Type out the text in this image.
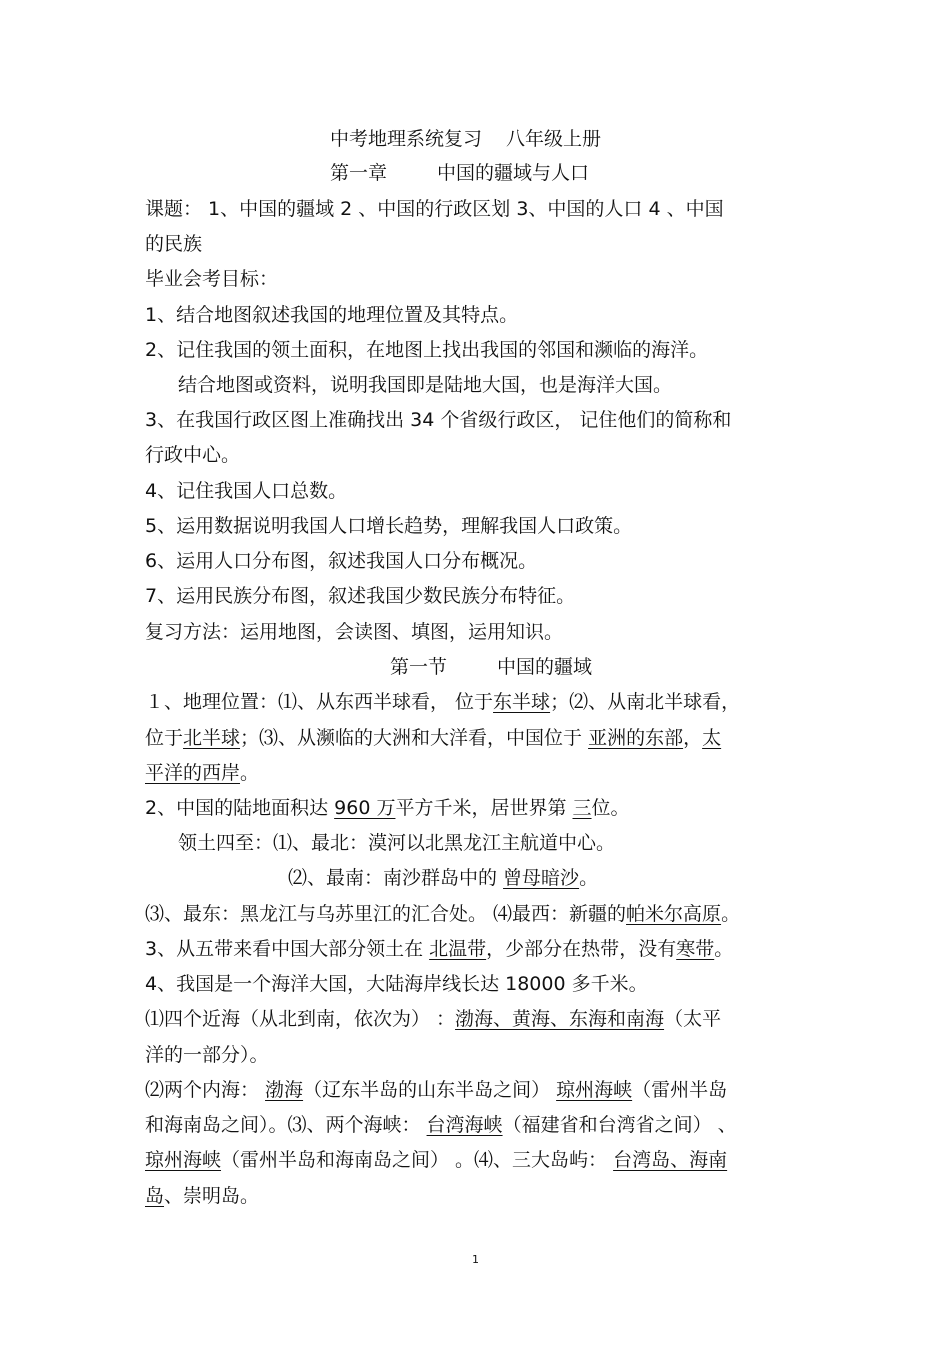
中考地理系统复习 八年级上册
第一章	中国的疆域与人口
课题： 1、中国的疆域 2 、中国的行政区划 3、中国的人口 4 、中国
的民族
毕业会考目标：
1、结合地图叙述我国的地理位置及其特点。
2、记住我国的领土面积，在地图上找出我国的邻国和濒临的海洋。
结合地图或资料，说明我国即是陆地大国，也是海洋大国。
3、在我国行政区图上准确找出 34 个省级行政区， 记住他们的简称和
行政中心。
4、记住我国人口总数。
5、运用数据说明我国人口增长趋势，理解我国人口政策。
6、运用人口分布图，叙述我国人口分布概况。
7、运用民族分布图，叙述我国少数民族分布特征。
复习方法：运用地图，会读图、填图，运用知识。
第一节	中国的疆域
１、地理位置：⑴、从东西半球看， 位于东半球；⑵、从南北半球看，
位于北半球；⑶、从濒临的大洲和大洋看，中国位于 亚洲的东部，太
平洋的西岸。
2、中国的陆地面积达 960 万平方千米，居世界第 三位。
领土四至：⑴、最北：漠河以北黑龙江主航道中心。
⑵、最南：南沙群岛中的 曾母暗沙。
⑶、最东：黑龙江与乌苏里江的汇合处。 ⑷最西：新疆的帕米尔高原。
3、从五带来看中国大部分领土在 北温带，少部分在热带，没有寒带。
4、我国是一个海洋大国，大陆海岸线长达 18000 多千米。
⑴四个近海（从北到南，依次为） ：渤海、黄海、东海和南海（太平
洋的一部分）。
⑵两个内海： 渤海（辽东半岛的山东半岛之间） 琼州海峡（雷州半岛
和海南岛之间）。⑶、两个海峡： 台湾海峡（福建省和台湾省之间） 、
琼州海峡（雷州半岛和海南岛之间） 。⑷、三大岛屿： 台湾岛、海南
岛、崇明岛。
1
